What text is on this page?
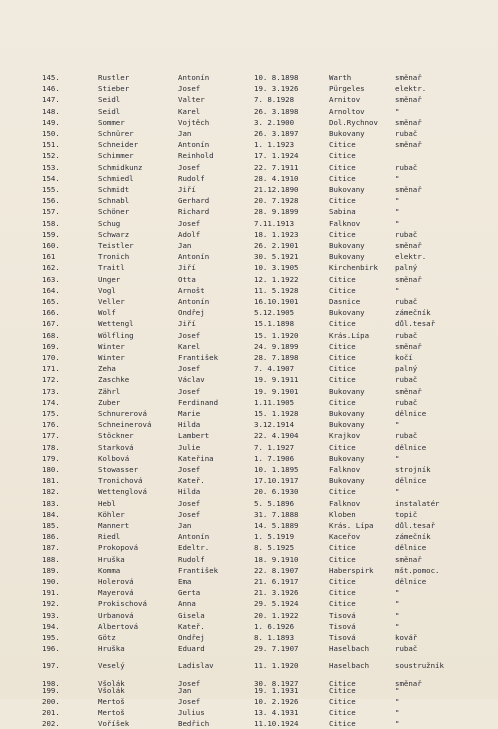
145.	Rustler	Antonín	10. 8.1898	Warth	směnař
146.	Stieber	Josef	19. 3.1926	Pürgeles	elektr.
147.	Seidl	Valter	7. 8.1928	Arnitov	směnař
148.	Seidl	Karel	26. 3.1898	Arnoltov	"
149.	Sommer	Vojtěch	3. 2.1900	Dol.Rychnov směnař
150.	Schnürer	Jan	26. 3.1897	Bukovany	rubač
151.	Schneider	Antonín	1. 1.1923	Citice	směnař
152.	Schimmer	Reinhold	17. 1.1924	Citice
153.	Schmidkunz	Josef	22. 7.1911	Citice	rubač
154.	Schmiedl	Rudolf	28. 4.1910	Citice	"
155.	Schmidt	Jiří	21.12.1890	Bukovany	směnař
156.	Schnabl	Gerhard	20. 7.1928	Citice	"
157.	Schöner	Richard	28. 9.1899	Sabina	"
158.	Schug	Josef	7.11.1913	Falknov	"
159.	Schwarz	Adolf	18. 1.1923	Citice	rubač
160.	Teistler	Jan	26. 2.1901	Bukovany	směnař
161	Tronich	Antonín	30. 5.1921	Bukovany	elektr.
162.	Traitl	Jiří	10. 3.1905	Kirchenbirk palný
163.	Unger	Otta	12. 1.1922	Citice	směnař
164.	Vogl	Arnošt	11. 5.1928	Citice	"
165.	Veller	Antonín	16.10.1901	Dasnice	rubač
166.	Wolf	Ondřej	5.12.1905	Bukovany	zámečník
167.	Wettengl	Jiří	15.1.1898	Citice	důl.tesař
168.	Wölfling	Josef	15. 1.1920	Krás.Lípa	rubač
169.	Winter	Karel	24. 9.1899	Citice	směnař
170.	Winter	František	28. 7.1898	Citice	kočí
171.	Zeha	Josef	7. 4.1907	Citice	palný
172.	Zaschke	Václav	19. 9.1911	Citice	rubač
173.	Zährl	Josef	19. 9.1901	Bukovany	směnař
174.	Zuber	Ferdinand	1.11.1905	Citice	rubač
175.	Schnurerová	Marie	15. 1.1928	Bukovany	dělnice
176.	Schneinerová	Hilda	3.12.1914	Bukovany	"
177.	Stöckner	Lambert	22. 4.1904	Krajkov	rubač
178.	Starková	Julie	7. 1.1927	Citice	dělnice
179.	Kolbová	Kateřina	1. 7.1906	Bukovany	"
180.	Stowasser	Josef	10. 1.1895	Falknov	strojník
181.	Tronichová	Kateř.	17.10.1917	Bukovany	dělnice
182.	Wettenglová	Hilda	20. 6.1930	Citice	"
183.	Hebl	Josef	5. 5.1896	Falknov	instalatér
184.	Köhler	Josef	31. 7.1888	Kloben	topič
185.	Mannert	Jan	14. 5.1889	Krás. Lípa	důl.tesař
186.	Riedl	Antonín	1. 5.1919	Kaceřov	zámečník
187.	Prokopová	Edeltr.	8. 5.1925	Citice	dělnice
188.	Hruška	Rudolf	18. 9.1910	Citice	směnař
189.	Komma	František	22. 8.1907	Haberspirk	mšt.pomoc.
190.	Holerová	Ema	21. 6.1917	Citice	dělnice
191.	Mayerová	Gerta	21. 3.1926	Citice	"
192.	Prokischová	Anna	29. 5.1924	Citice	"
193.	Urbanová	Gisela	20. 1.1922	Tisová	"
194.	Albertová	Kateř.	1. 6.1926	Tisová	"
195.	Götz	Ondřej	8. 1.1893	Tisová	kovář
196.	Hruška	Eduard	29. 7.1907	Haselbach	rubač
197.	Veselý	Ladislav	11. 1.1920	Haselbach	soustružník
198.	Všolák	Josef	30. 8.1927	Citice	směnař
199.	Všolák	Jan	19. 1.1931	Citice	"
200.	Mertoš	Josef	10. 2.1926	Citice	"
201.	Mertoš	Julius	13. 4.1931	Citice	"
202.	Voříšek	Bedřich	11.10.1924	Citice	"
